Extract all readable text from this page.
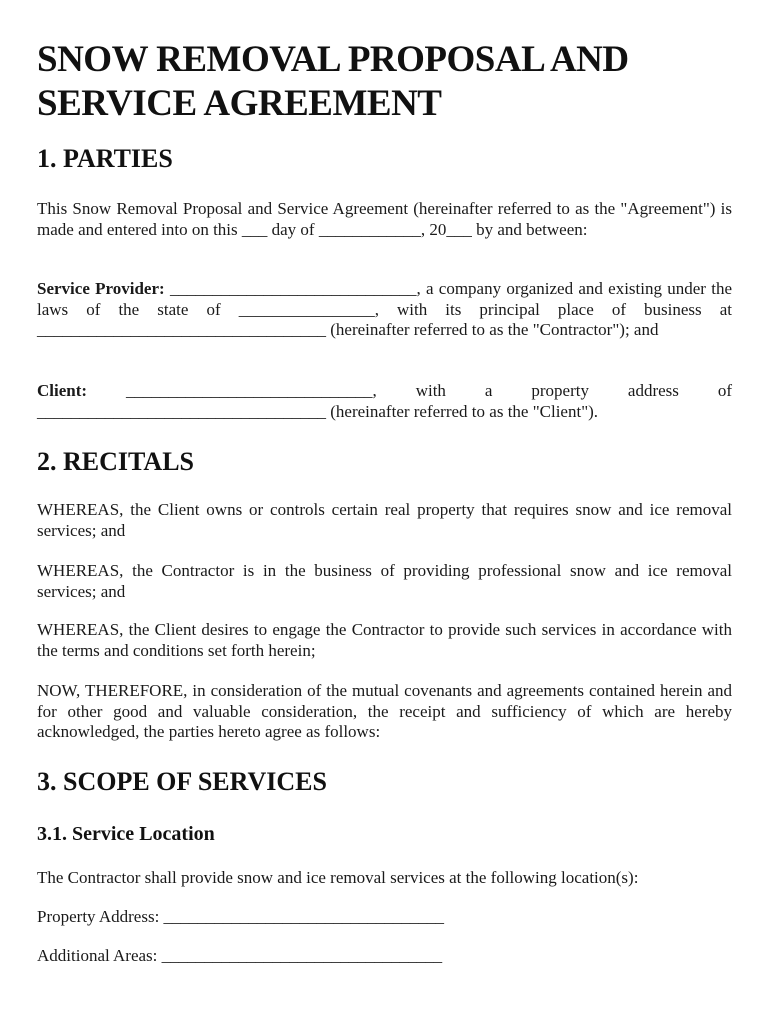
SNOW REMOVAL PROPOSAL AND SERVICE AGREEMENT
1. PARTIES

This Snow Removal Proposal and Service Agreement (hereinafter referred to as the "Agreement") is made and entered into on this ___ day of ____________, 20___ by and between:

Service Provider: _____________________________, a company organized and existing under the laws of the state of ________________, with its principal place of business at __________________________________ (hereinafter referred to as the "Contractor"); and

Client: _____________________________, with a property address of __________________________________ (hereinafter referred to as the "Client").

2. RECITALS

WHEREAS, the Client owns or controls certain real property that requires snow and ice removal services; and

WHEREAS, the Contractor is in the business of providing professional snow and ice removal services; and

WHEREAS, the Client desires to engage the Contractor to provide such services in accordance with the terms and conditions set forth herein;

NOW, THEREFORE, in consideration of the mutual covenants and agreements contained herein and for other good and valuable consideration, the receipt and sufficiency of which are hereby acknowledged, the parties hereto agree as follows:

3. SCOPE OF SERVICES
3.1. Service Location

The Contractor shall provide snow and ice removal services at the following location(s):

Property Address: _________________________________

Additional Areas: _________________________________
